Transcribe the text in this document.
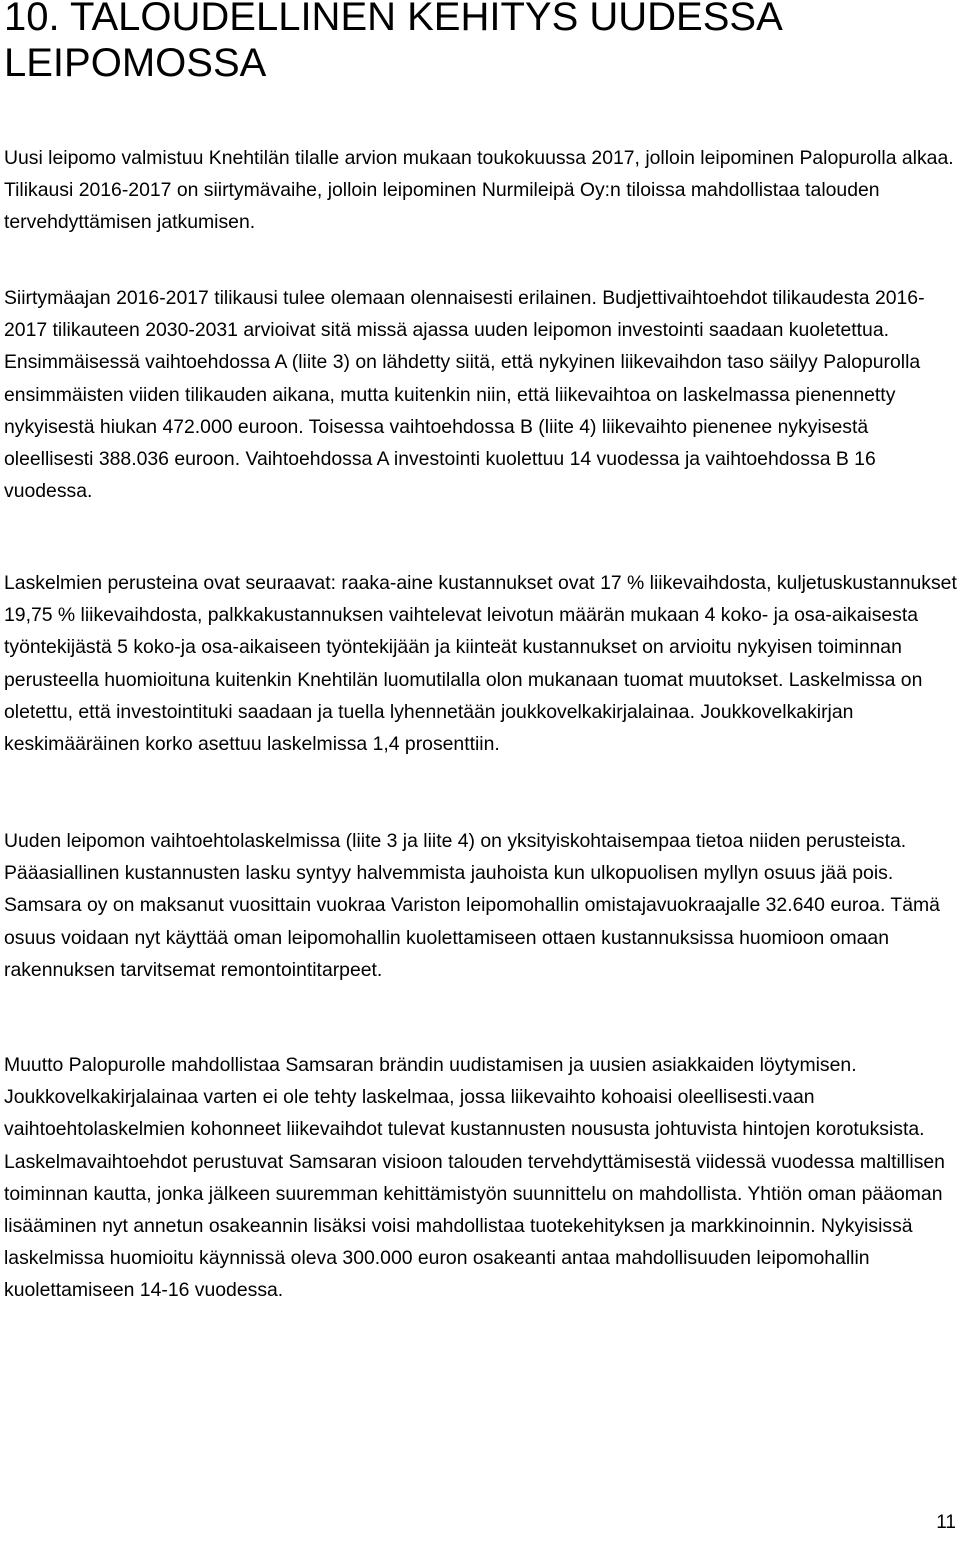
10. TALOUDELLINEN KEHITYS UUDESSA LEIPOMOSSA

Uusi leipomo valmistuu Knehtilän tilalle arvion mukaan toukokuussa 2017, jolloin leipominen Palopurolla alkaa. Tilikausi 2016-2017 on siirtymävaihe, jolloin leipominen Nurmileipä Oy:n tiloissa mahdollistaa talouden tervehdyttämisen jatkumisen.

Siirtymäajan 2016-2017 tilikausi tulee olemaan olennaisesti erilainen. Budjettivaihtoehdot tilikaudesta 2016-2017 tilikauteen 2030-2031 arvioivat sitä missä ajassa uuden leipomon investointi saadaan kuoletettua. Ensimmäisessä vaihtoehdossa A (liite 3) on lähdetty siitä, että nykyinen liikevaihdon taso säilyy Palopurolla ensimmäisten viiden tilikauden aikana, mutta kuitenkin niin, että liikevaihtoa on laskelmassa pienennetty nykyisestä hiukan 472.000 euroon. Toisessa vaihtoehdossa B (liite 4) liikevaihto pienenee nykyisestä oleellisesti 388.036 euroon. Vaihtoehdossa A investointi kuolettuu 14 vuodessa ja vaihtoehdossa B 16 vuodessa.

Laskelmien perusteina ovat seuraavat: raaka-aine kustannukset ovat 17 % liikevaihdosta, kuljetuskustannukset 19,75 % liikevaihdosta, palkkakustannuksen vaihtelevat leivotun määrän mukaan 4 koko- ja osa-aikaisesta työntekijästä 5 koko-ja osa-aikaiseen työntekijään ja kiinteät kustannukset on arvioitu nykyisen toiminnan perusteella huomioituna kuitenkin Knehtilän luomutilalla olon mukanaan tuomat muutokset. Laskelmissa on oletettu, että investointituki saadaan ja tuella lyhennetään joukkovelkakirjalainaa. Joukkovelkakirjan keskimääräinen korko asettuu laskelmissa 1,4 prosenttiin.

Uuden leipomon vaihtoehtolaskelmissa (liite 3 ja liite 4) on yksityiskohtaisempaa tietoa niiden perusteista. Pääasiallinen kustannusten lasku syntyy halvemmista jauhoista kun ulkopuolisen myllyn osuus jää pois. Samsara oy on maksanut vuosittain vuokraa Variston leipomohallin omistajavuokraajalle 32.640 euroa. Tämä osuus voidaan nyt käyttää oman leipomohallin kuolettamiseen ottaen kustannuksissa huomioon omaan rakennuksen tarvitsemat remontointitarpeet.

Muutto Palopurolle mahdollistaa Samsaran brändin uudistamisen ja uusien asiakkaiden löytymisen. Joukkovelkakirjalainaa varten ei ole tehty laskelmaa, jossa liikevaihto kohoaisi oleellisesti.vaan vaihtoehtolaskelmien kohonneet liikevaihdot tulevat kustannusten noususta johtuvista hintojen korotuksista. Laskelmavaihtoehdot perustuvat Samsaran visioon talouden tervehdyttämisestä viidessä vuodessa maltillisen toiminnan kautta, jonka jälkeen suuremman kehittämistyön suunnittelu on mahdollista. Yhtiön oman pääoman lisääminen nyt annetun osakeannin lisäksi voisi mahdollistaa tuotekehityksen ja markkinoinnin. Nykyisissä laskelmissa huomioitu käynnissä oleva 300.000 euron osakeanti antaa mahdollisuuden leipomohallin kuolettamiseen 14-16 vuodessa.

11
